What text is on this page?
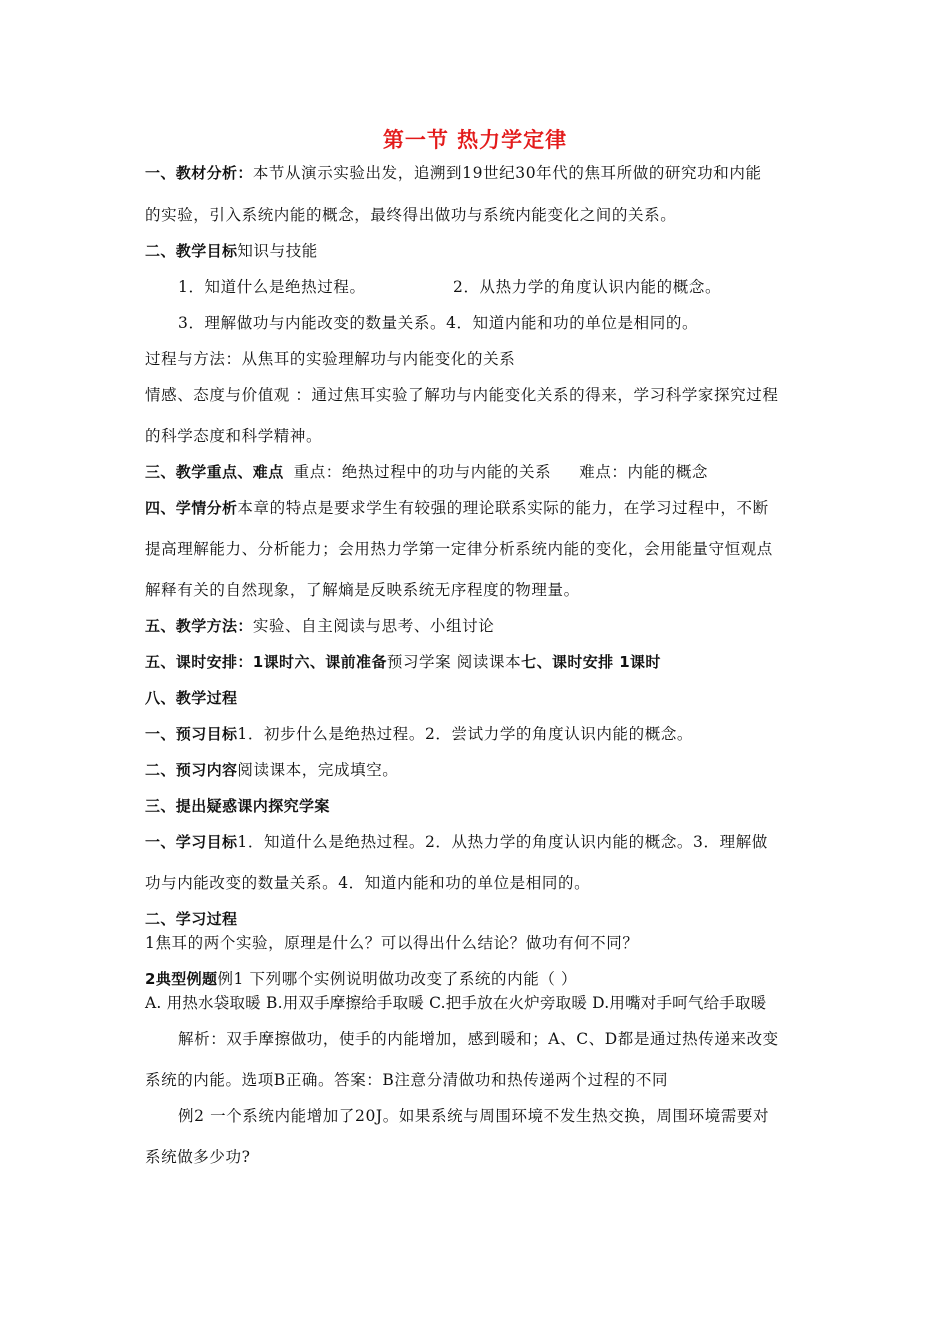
第一节 热力学定律
一、教材分析：本节从演示实验出发，追溯到19世纪30年代的焦耳所做的研究功和内能
的实验，引入系统内能的概念，最终得出做功与系统内能变化之间的关系。
二、教学目标知识与技能
1．知道什么是绝热过程。	2．从热力学的角度认识内能的概念。
3．理解做功与内能改变的数量关系。4．知道内能和功的单位是相同的。
过程与方法：从焦耳的实验理解功与内能变化的关系
情感、态度与价值观 ：通过焦耳实验了解功与内能变化关系的得来，学习科学家探究过程
的科学态度和科学精神。
三、教学重点、难点 重点：绝热过程中的功与内能的关系 难点：内能的概念
四、学情分析本章的特点是要求学生有较强的理论联系实际的能力，在学习过程中，不断
提高理解能力、分析能力；会用热力学第一定律分析系统内能的变化，会用能量守恒观点
解释有关的自然现象，了解熵是反映系统无序程度的物理量。
五、教学方法：实验、自主阅读与思考、小组讨论
五、课时安排：1课时六、课前准备预习学案 阅读课本七、课时安排 1课时
八、教学过程
一、预习目标1．初步什么是绝热过程。2．尝试力学的角度认识内能的概念。
二、预习内容阅读课本，完成填空。
三、提出疑惑课内探究学案
一、学习目标1．知道什么是绝热过程。2．从热力学的角度认识内能的概念。3．理解做
功与内能改变的数量关系。4．知道内能和功的单位是相同的。
二、学习过程
1焦耳的两个实验，原理是什么？可以得出什么结论？做功有何不同？
2典型例题例1 下列哪个实例说明做功改变了系统的内能（ ）
A. 用热水袋取暖 B.用双手摩擦给手取暖 C.把手放在火炉旁取暖 D.用嘴对手呵气给手取暖
解析：双手摩擦做功，使手的内能增加，感到暖和；A、C、D都是通过热传递来改变
系统的内能。选项B正确。答案：B注意分清做功和热传递两个过程的不同
例2 一个系统内能增加了20J。如果系统与周围环境不发生热交换，周围环境需要对
系统做多少功?
